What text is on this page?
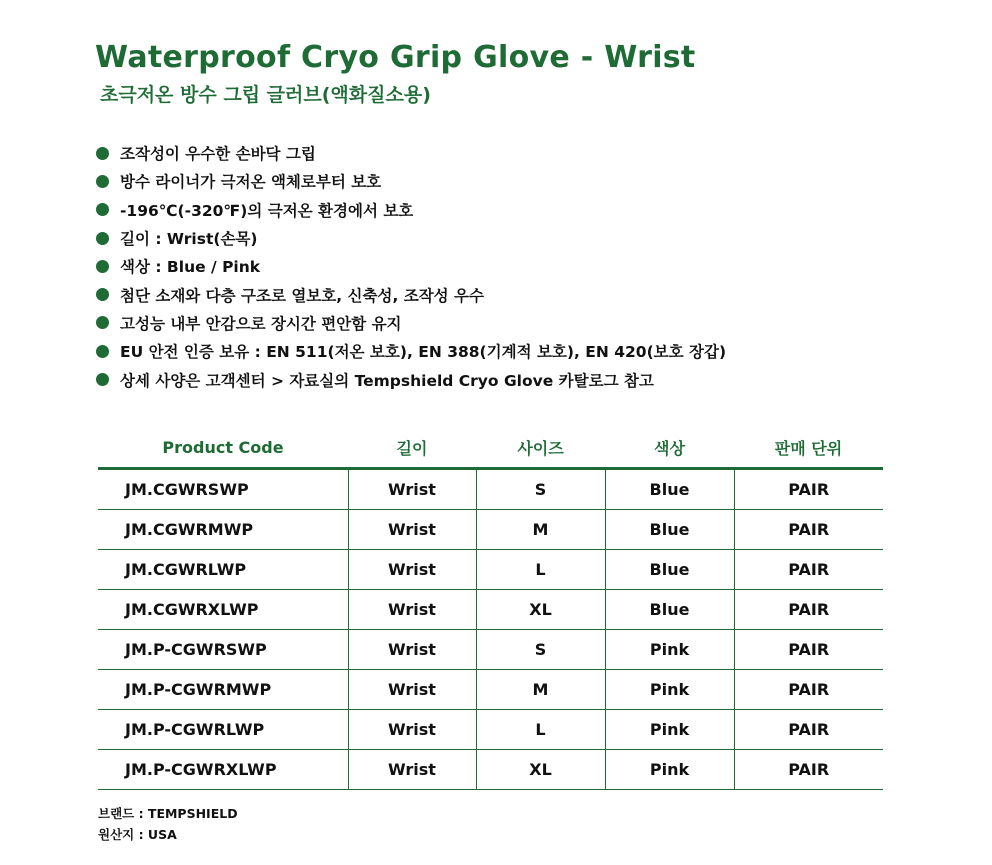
Waterproof Cryo Grip Glove - Wrist
초극저온 방수 그립 글러브(액화질소용)
조작성이 우수한 손바닥 그립
방수 라이너가 극저온 액체로부터 보호
-196℃(-320℉)의 극저온 환경에서 보호
길이 : Wrist(손목)
색상 : Blue / Pink
첨단 소재와 다층 구조로 열보호, 신축성, 조작성 우수
고성능 내부 안감으로 장시간 편안함 유지
EU 안전 인증 보유 : EN 511(저온 보호), EN 388(기계적 보호), EN 420(보호 장갑)
상세 사양은 고객센터 > 자료실의 Tempshield Cryo Glove 카탈로그 참고
Product Code	길이	사이즈	색상	판매 단위
JM.CGWRSWP	Wrist	S	Blue	PAIR
JM.CGWRMWP	Wrist	M	Blue	PAIR
JM.CGWRLWP	Wrist	L	Blue	PAIR
JM.CGWRXLWP	Wrist	XL	Blue	PAIR
JM.P-CGWRSWP	Wrist	S	Pink	PAIR
JM.P-CGWRMWP	Wrist	M	Pink	PAIR
JM.P-CGWRLWP	Wrist	L	Pink	PAIR
JM.P-CGWRXLWP	Wrist	XL	Pink	PAIR
브랜드 : TEMPSHIELD
원산지 : USA
